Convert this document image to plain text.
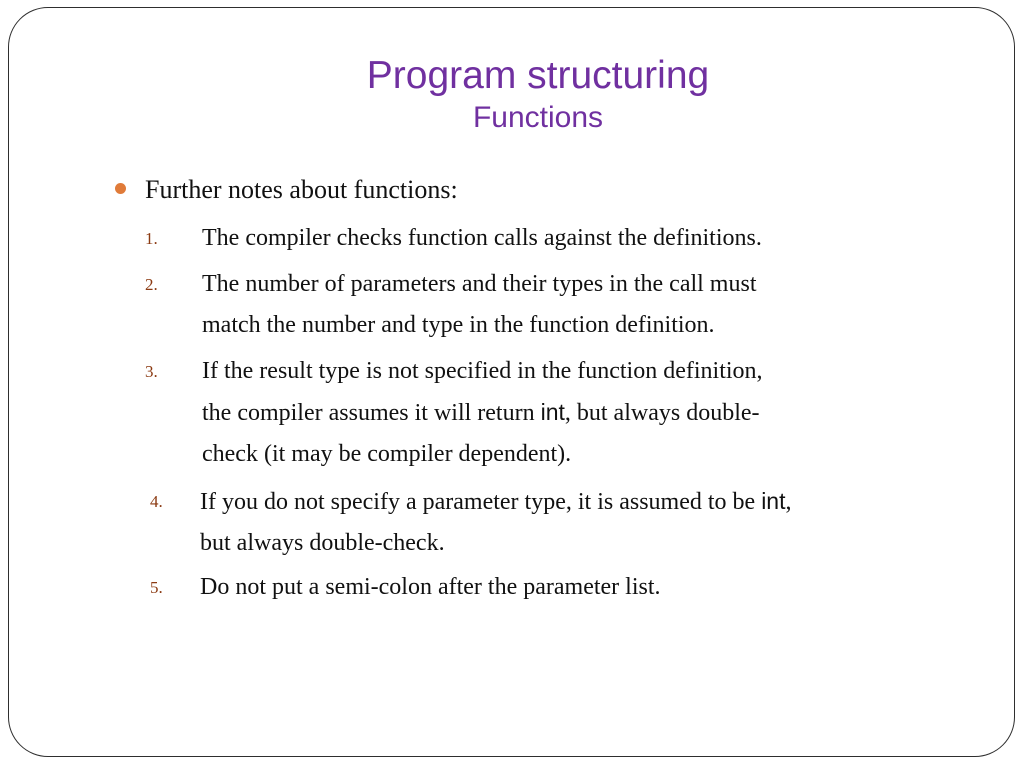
Program structuring
Functions
Further notes about functions:
1.	The compiler checks function calls against the definitions.
2.	The number of parameters and their types in the call must
match the number and type in the function definition.
3.	If the result type is not specified in the function definition,
the compiler assumes it will return int, but always double-
check (it may be compiler dependent).
4.	If you do not specify a parameter type, it is assumed to be int,
but always double-check.
5.	Do not put a semi-colon after the parameter list.
